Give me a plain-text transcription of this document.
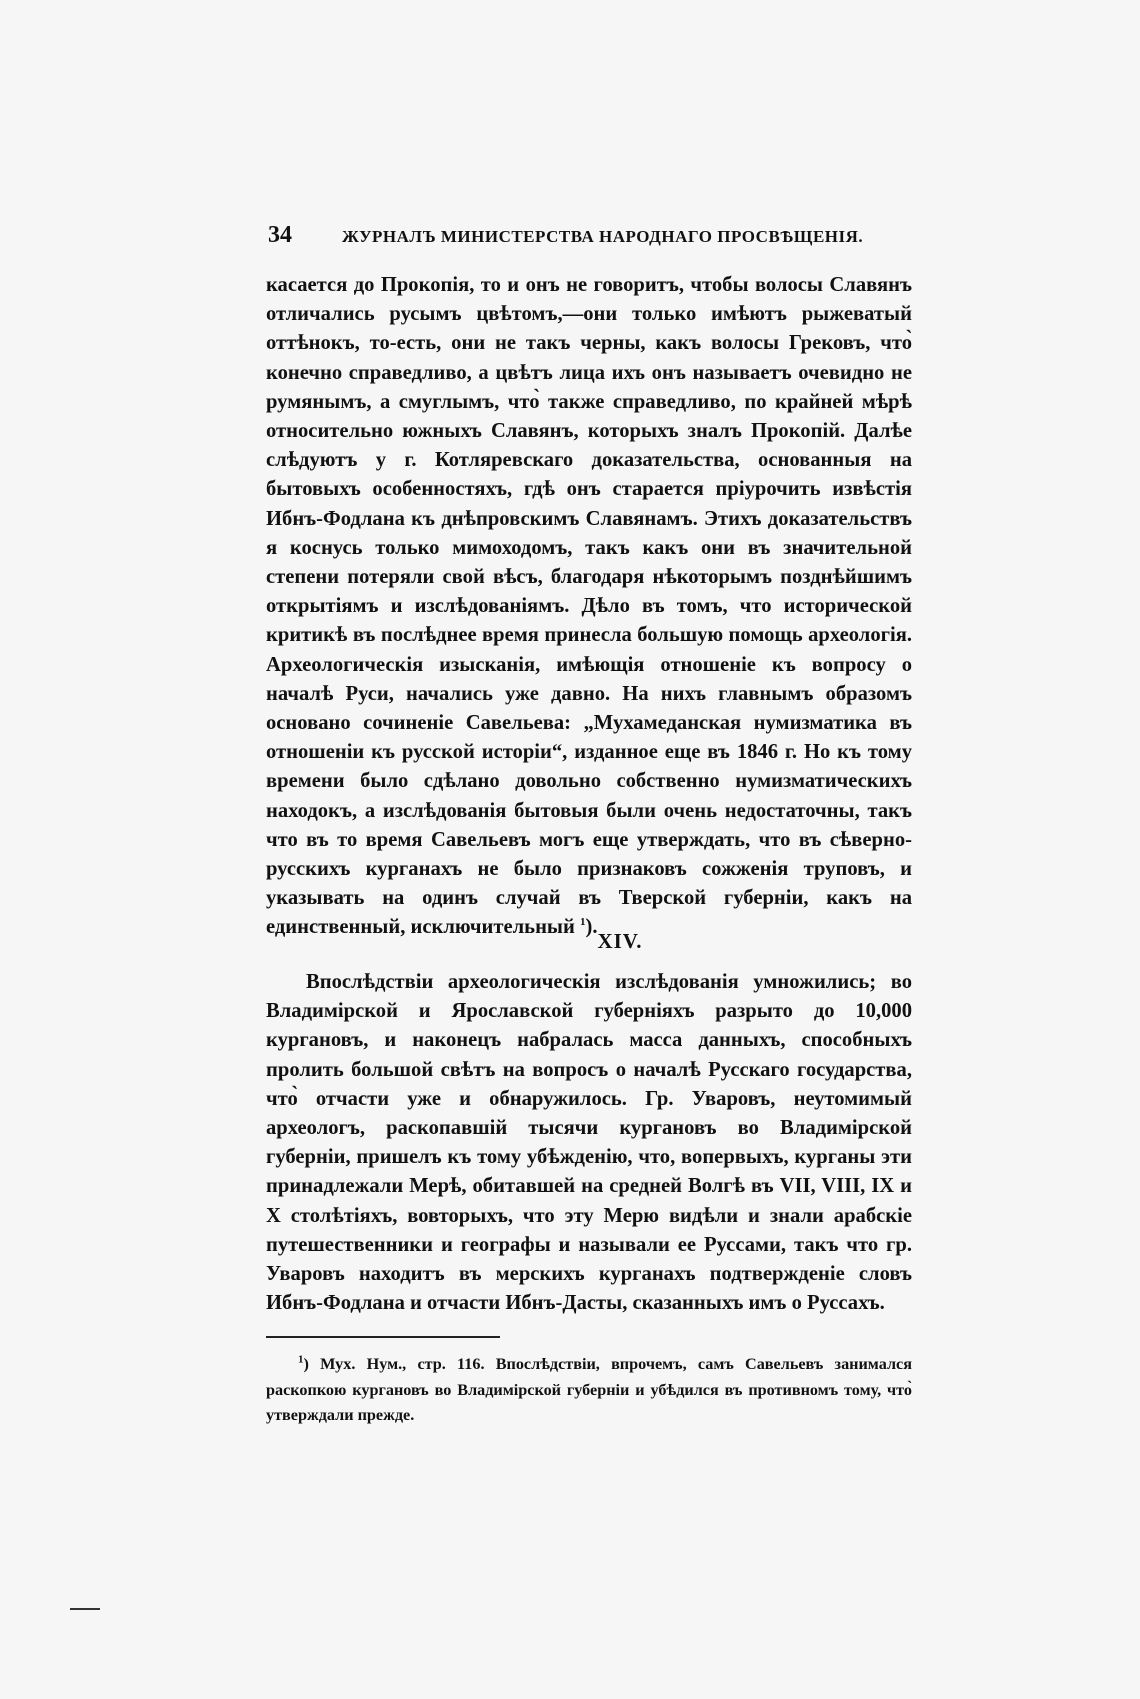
34	ЖУРНАЛЪ МИНИСТЕРСТВА НАРОДНАГО ПРОСВѢЩЕНІЯ.

касается до Прокопія, то и онъ не говоритъ, чтобы волосы Славянъ отличались русымъ цвѣтомъ,—они только имѣютъ рыжеватый оттѣнокъ, то-есть, они не такъ черны, какъ волосы Грековъ, что̀ конечно справедливо, а цвѣтъ лица ихъ онъ называетъ очевидно не румянымъ, а смуглымъ, что̀ также справедливо, по крайней мѣрѣ относительно южныхъ Славянъ, которыхъ зналъ Прокопій. Далѣе слѣдуютъ у г. Котляревскаго доказательства, основанныя на бытовыхъ особенностяхъ, гдѣ онъ старается пріурочить извѣстія Ибнъ-Фодлана къ днѣпровскимъ Славянамъ. Этихъ доказательствъ я коснусь только мимоходомъ, такъ какъ они въ значительной степени потеряли свой вѣсъ, благодаря нѣкоторымъ позднѣйшимъ открытіямъ и изслѣдованіямъ. Дѣло въ томъ, что исторической критикѣ въ послѣднее время принесла большую помощь археологія. Археологическія изысканія, имѣющія отношеніе къ вопросу о началѣ Руси, начались уже давно. На нихъ главнымъ образомъ основано сочиненіе Савельева: „Мухамеданская нумизматика въ отношеніи къ русской исторіи“, изданное еще въ 1846 г. Но къ тому времени было сдѣлано довольно собственно нумизматическихъ находокъ, а изслѣдованія бытовыя были очень недостаточны, такъ что въ то время Савельевъ могъ еще утверждать, что въ сѣверно-русскихъ курганахъ не было признаковъ сожженія труповъ, и указывать на одинъ случай въ Тверской губерніи, какъ на единственный, исключительный $^1$).

XIV.

Впослѣдствіи археологическія изслѣдованія умножились; во Владимірской и Ярославской губерніяхъ разрыто до 10,000 кургановъ, и наконецъ набралась масса данныхъ, способныхъ пролить большой свѣтъ на вопросъ о началѣ Русскаго государства, что̀ отчасти уже и обнаружилось. Гр. Уваровъ, неутомимый археологъ, раскопавшій тысячи кургановъ во Владимірской губерніи, пришелъ къ тому убѣжденію, что, вопервыхъ, курганы эти принадлежали Мерѣ, обитавшей на средней Волгѣ въ VII, VIII, IX и X столѣтіяхъ, вовторыхъ, что эту Мерю видѣли и знали арабскіе путешественники и географы и называли ее Руссами, такъ что гр. Уваровъ находитъ въ мерскихъ курганахъ подтвержденіе словъ Ибнъ-Фодлана и отчасти Ибнъ-Дасты, сказанныхъ имъ о Руссахъ.

$^1$) Мух. Нум., стр. 116. Впослѣдствіи, впрочемъ, самъ Савельевъ занимался раскопкою кургановъ во Владимірской губерніи и убѣдился въ противномъ тому, что̀ утверждали прежде.
